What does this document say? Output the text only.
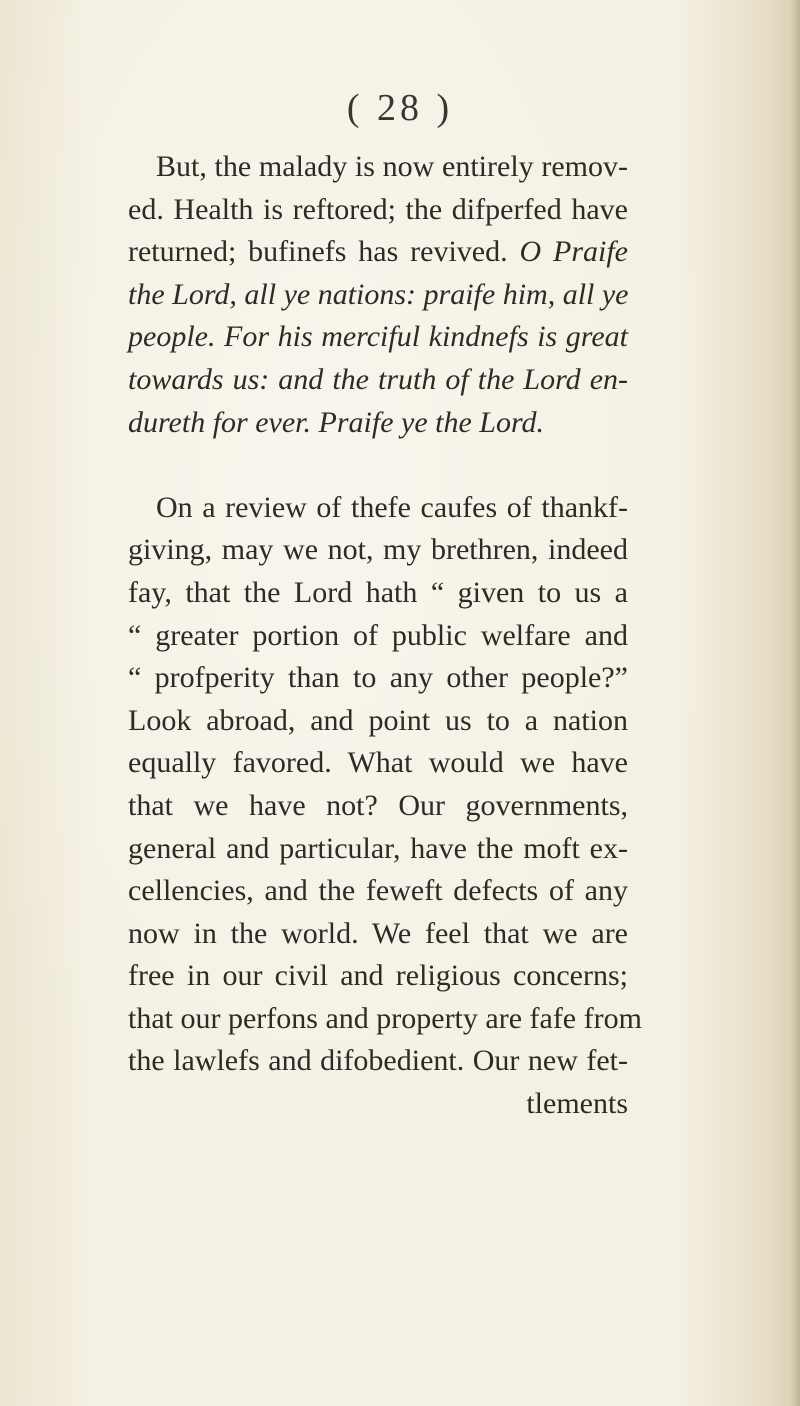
( 28 )
But, the malady is now entirely remov-
ed. Health is reftored; the difperfed have
returned; bufinefs has revived. O Praife
the Lord, all ye nations: praife him, all ye
people. For his merciful kindnefs is great
towards us: and the truth of the Lord en-
dureth for ever. Praife ye the Lord.
On a review of thefe caufes of thankf-
giving, may we not, my brethren, indeed
fay, that the Lord hath “ given to us a
“ greater portion of public welfare and
“ profperity than to any other people?”
Look abroad, and point us to a nation
equally favored. What would we have
that we have not? Our governments,
general and particular, have the moft ex-
cellencies, and the feweft defects of any
now in the world. We feel that we are
free in our civil and religious concerns;
that our perfons and property are fafe from
the lawlefs and difobedient. Our new fet-
tlements
